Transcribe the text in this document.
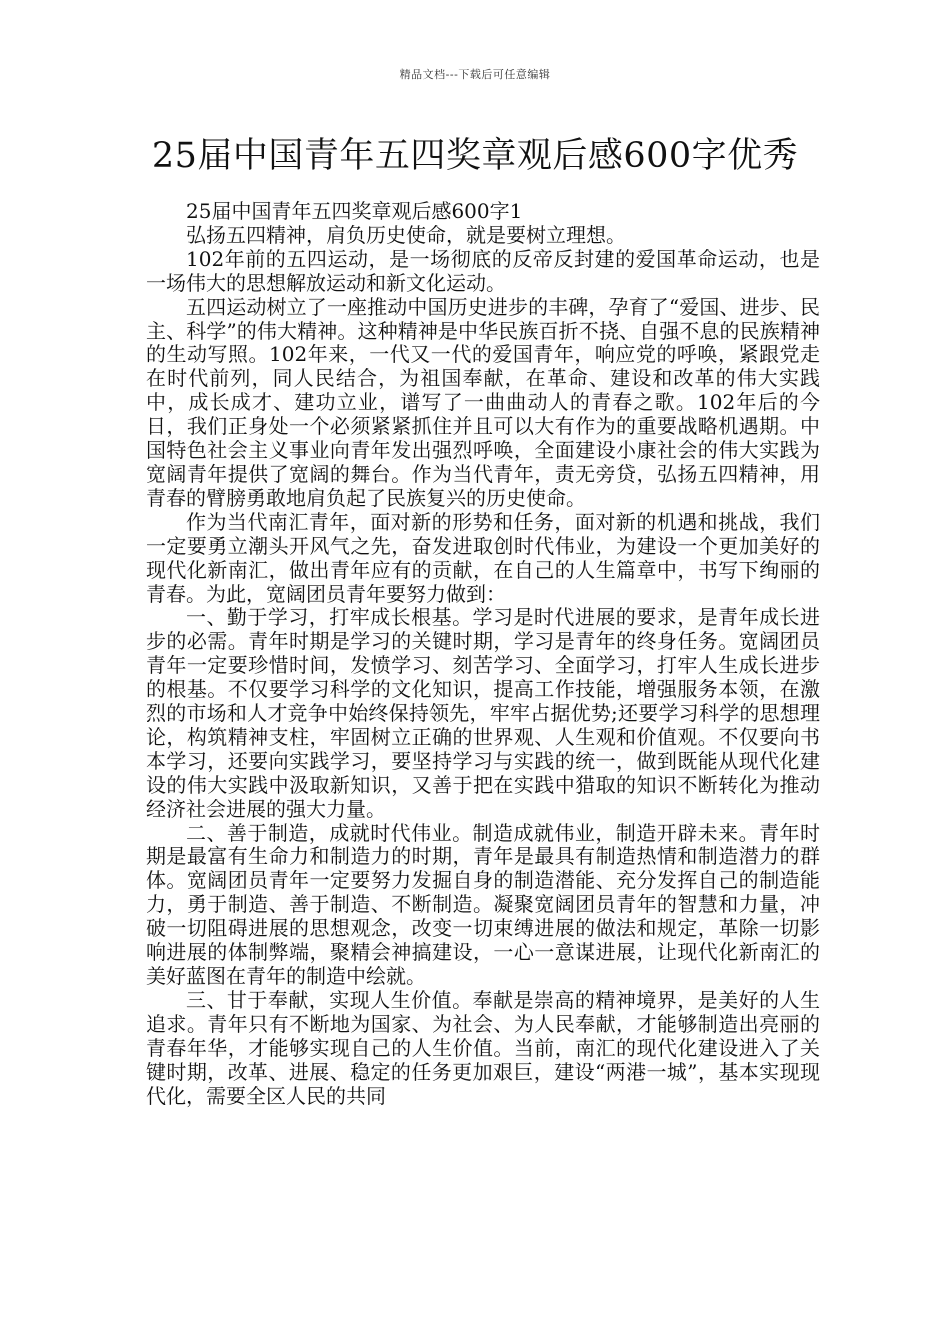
精品文档---下载后可任意编辑
25届中国青年五四奖章观后感600字优秀

25届中国青年五四奖章观后感600字1

弘扬五四精神，肩负历史使命，就是要树立理想。

102年前的五四运动，是一场彻底的反帝反封建的爱国革命运动，也是一场伟大的思想解放运动和新文化运动。

五四运动树立了一座推动中国历史进步的丰碑，孕育了“爱国、进步、民主、科学”的伟大精神。这种精神是中华民族百折不挠、自强不息的民族精神的生动写照。102年来，一代又一代的爱国青年，响应党的呼唤，紧跟党走在时代前列，同人民结合，为祖国奉献，在革命、建设和改革的伟大实践中，成长成才、建功立业，谱写了一曲曲动人的青春之歌。102年后的今日，我们正身处一个必须紧紧抓住并且可以大有作为的重要战略机遇期。中国特色社会主义事业向青年发出强烈呼唤，全面建设小康社会的伟大实践为宽阔青年提供了宽阔的舞台。作为当代青年，责无旁贷，弘扬五四精神，用青春的臂膀勇敢地肩负起了民族复兴的历史使命。

作为当代南汇青年，面对新的形势和任务，面对新的机遇和挑战，我们一定要勇立潮头开风气之先，奋发进取创时代伟业，为建设一个更加美好的现代化新南汇，做出青年应有的贡献，在自己的人生篇章中，书写下绚丽的青春。为此，宽阔团员青年要努力做到：

一、勤于学习，打牢成长根基。学习是时代进展的要求，是青年成长进步的必需。青年时期是学习的关键时期，学习是青年的终身任务。宽阔团员青年一定要珍惜时间，发愤学习、刻苦学习、全面学习，打牢人生成长进步的根基。不仅要学习科学的文化知识，提高工作技能，增强服务本领，在激烈的市场和人才竞争中始终保持领先，牢牢占据优势;还要学习科学的思想理论，构筑精神支柱，牢固树立正确的世界观、人生观和价值观。不仅要向书本学习，还要向实践学习，要坚持学习与实践的统一，做到既能从现代化建设的伟大实践中汲取新知识，又善于把在实践中猎取的知识不断转化为推动经济社会进展的强大力量。

二、善于制造，成就时代伟业。制造成就伟业，制造开辟未来。青年时期是最富有生命力和制造力的时期，青年是最具有制造热情和制造潜力的群体。宽阔团员青年一定要努力发掘自身的制造潜能、充分发挥自己的制造能力，勇于制造、善于制造、不断制造。凝聚宽阔团员青年的智慧和力量，冲破一切阻碍进展的思想观念，改变一切束缚进展的做法和规定，革除一切影响进展的体制弊端，聚精会神搞建设，一心一意谋进展，让现代化新南汇的美好蓝图在青年的制造中绘就。

三、甘于奉献，实现人生价值。奉献是崇高的精神境界，是美好的人生追求。青年只有不断地为国家、为社会、为人民奉献，才能够制造出亮丽的青春年华，才能够实现自己的人生价值。当前，南汇的现代化建设进入了关键时期，改革、进展、稳定的任务更加艰巨，建设“两港一城”，基本实现现代化，需要全区人民的共同
